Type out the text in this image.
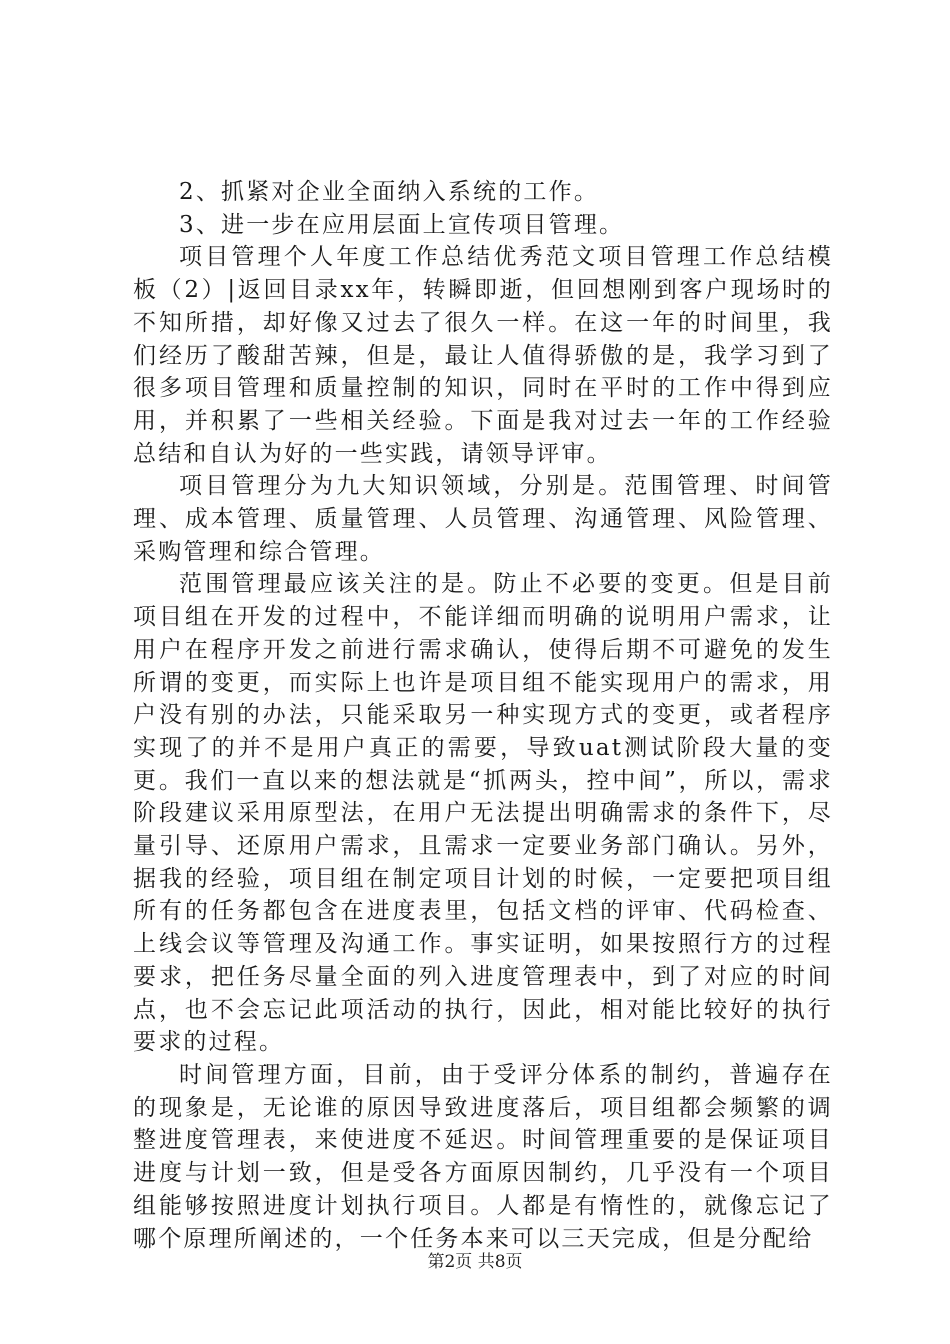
2、抓紧对企业全面纳入系统的工作。

3、进一步在应用层面上宣传项目管理。

项目管理个人年度工作总结优秀范文项目管理工作总结模板（2）|返回目录xx年，转瞬即逝，但回想刚到客户现场时的不知所措，却好像又过去了很久一样。在这一年的时间里，我们经历了酸甜苦辣，但是，最让人值得骄傲的是，我学习到了很多项目管理和质量控制的知识，同时在平时的工作中得到应用，并积累了一些相关经验。下面是我对过去一年的工作经验总结和自认为好的一些实践，请领导评审。

项目管理分为九大知识领域，分别是。范围管理、时间管理、成本管理、质量管理、人员管理、沟通管理、风险管理、采购管理和综合管理。

范围管理最应该关注的是。防止不必要的变更。但是目前项目组在开发的过程中，不能详细而明确的说明用户需求，让用户在程序开发之前进行需求确认，使得后期不可避免的发生所谓的变更，而实际上也许是项目组不能实现用户的需求，用户没有别的办法，只能采取另一种实现方式的变更，或者程序实现了的并不是用户真正的需要，导致uat测试阶段大量的变更。我们一直以来的想法就是“抓两头，控中间”，所以，需求阶段建议采用原型法，在用户无法提出明确需求的条件下，尽量引导、还原用户需求，且需求一定要业务部门确认。另外，据我的经验，项目组在制定项目计划的时候，一定要把项目组所有的任务都包含在进度表里，包括文档的评审、代码检查、上线会议等管理及沟通工作。事实证明，如果按照行方的过程要求，把任务尽量全面的列入进度管理表中，到了对应的时间点，也不会忘记此项活动的执行，因此，相对能比较好的执行要求的过程。

时间管理方面，目前，由于受评分体系的制约，普遍存在的现象是，无论谁的原因导致进度落后，项目组都会频繁的调整进度管理表，来使进度不延迟。时间管理重要的是保证项目进度与计划一致，但是受各方面原因制约，几乎没有一个项目组能够按照进度计划执行项目。人都是有惰性的，就像忘记了哪个原理所阐述的，一个任务本来可以三天完成，但是分配给

第2页 共8页
